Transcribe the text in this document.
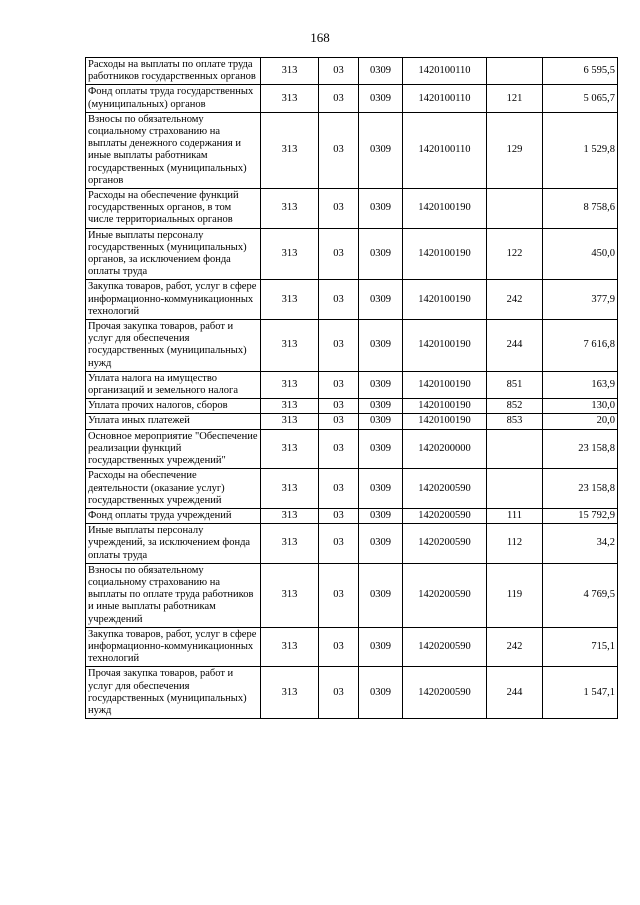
168
Расходы на выплаты по оплате труда работников государственных органов	313	03	0309	1420100110		6 595,5
Фонд оплаты труда государственных (муниципальных) органов	313	03	0309	1420100110	121	5 065,7
Взносы по обязательному социальному страхованию на выплаты денежного содержания и иные выплаты работникам государственных (муниципальных) органов	313	03	0309	1420100110	129	1 529,8
Расходы на обеспечение функций государственных органов, в том числе территориальных органов	313	03	0309	1420100190		8 758,6
Иные выплаты персоналу государственных (муниципальных) органов, за исключением фонда оплаты труда	313	03	0309	1420100190	122	450,0
Закупка товаров, работ, услуг в сфере информационно-коммуникационных технологий	313	03	0309	1420100190	242	377,9
Прочая закупка товаров, работ и услуг для обеспечения государственных (муниципальных) нужд	313	03	0309	1420100190	244	7 616,8
Уплата налога на имущество организаций и земельного налога	313	03	0309	1420100190	851	163,9
Уплата прочих налогов, сборов	313	03	0309	1420100190	852	130,0
Уплата иных платежей	313	03	0309	1420100190	853	20,0
Основное мероприятие "Обеспечение реализации функций государственных учреждений"	313	03	0309	1420200000		23 158,8
Расходы на обеспечение деятельности (оказание услуг) государственных учреждений	313	03	0309	1420200590		23 158,8
Фонд оплаты труда учреждений	313	03	0309	1420200590	111	15 792,9
Иные выплаты персоналу учреждений, за исключением фонда оплаты труда	313	03	0309	1420200590	112	34,2
Взносы по обязательному социальному страхованию на выплаты по оплате труда работников и иные выплаты работникам учреждений	313	03	0309	1420200590	119	4 769,5
Закупка товаров, работ, услуг в сфере информационно-коммуникационных технологий	313	03	0309	1420200590	242	715,1
Прочая закупка товаров, работ и услуг для обеспечения государственных (муниципальных) нужд	313	03	0309	1420200590	244	1 547,1
